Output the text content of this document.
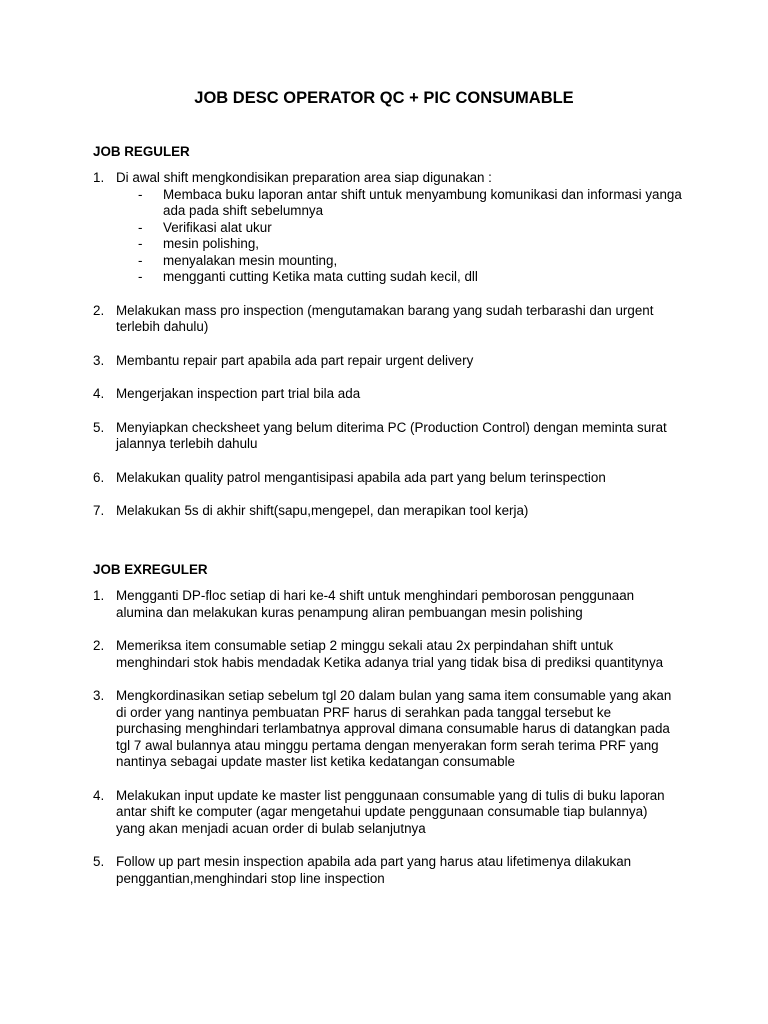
JOB DESC OPERATOR QC + PIC CONSUMABLE
JOB REGULER
1. Di awal shift mengkondisikan preparation area siap digunakan :
- Membaca buku laporan antar shift untuk menyambung komunikasi dan informasi yanga ada pada shift sebelumnya
- Verifikasi alat ukur
- mesin polishing,
- menyalakan mesin mounting,
- mengganti cutting Ketika mata cutting sudah kecil, dll
2. Melakukan mass pro inspection (mengutamakan barang yang sudah terbarashi dan urgent terlebih dahulu)
3. Membantu repair part apabila ada part repair urgent delivery
4. Mengerjakan inspection part trial bila ada
5. Menyiapkan checksheet yang belum diterima PC (Production Control) dengan meminta surat jalannya terlebih dahulu
6. Melakukan quality patrol mengantisipasi apabila ada part yang belum terinspection
7. Melakukan 5s di akhir shift(sapu,mengepel, dan merapikan tool kerja)
JOB EXREGULER
1. Mengganti DP-floc setiap di hari ke-4 shift untuk menghindari pemborosan penggunaan alumina dan melakukan kuras penampung aliran pembuangan mesin polishing
2. Memeriksa item consumable setiap 2 minggu sekali atau 2x perpindahan shift untuk menghindari stok habis mendadak Ketika adanya trial yang tidak bisa di prediksi quantitynya
3. Mengkordinasikan setiap sebelum tgl 20 dalam bulan yang sama item consumable yang akan di order yang nantinya pembuatan PRF harus di serahkan pada tanggal tersebut ke purchasing menghindari terlambatnya approval dimana consumable harus di datangkan pada tgl 7 awal bulannya atau minggu pertama dengan menyerakan form serah terima PRF yang nantinya sebagai update master list ketika kedatangan consumable
4. Melakukan input update ke master list penggunaan consumable yang di tulis di buku laporan antar shift ke computer (agar mengetahui update penggunaan consumable tiap bulannya) yang akan menjadi acuan order di bulab selanjutnya
5. Follow up part mesin inspection apabila ada part yang harus atau lifetimenya dilakukan penggantian,menghindari stop line inspection
